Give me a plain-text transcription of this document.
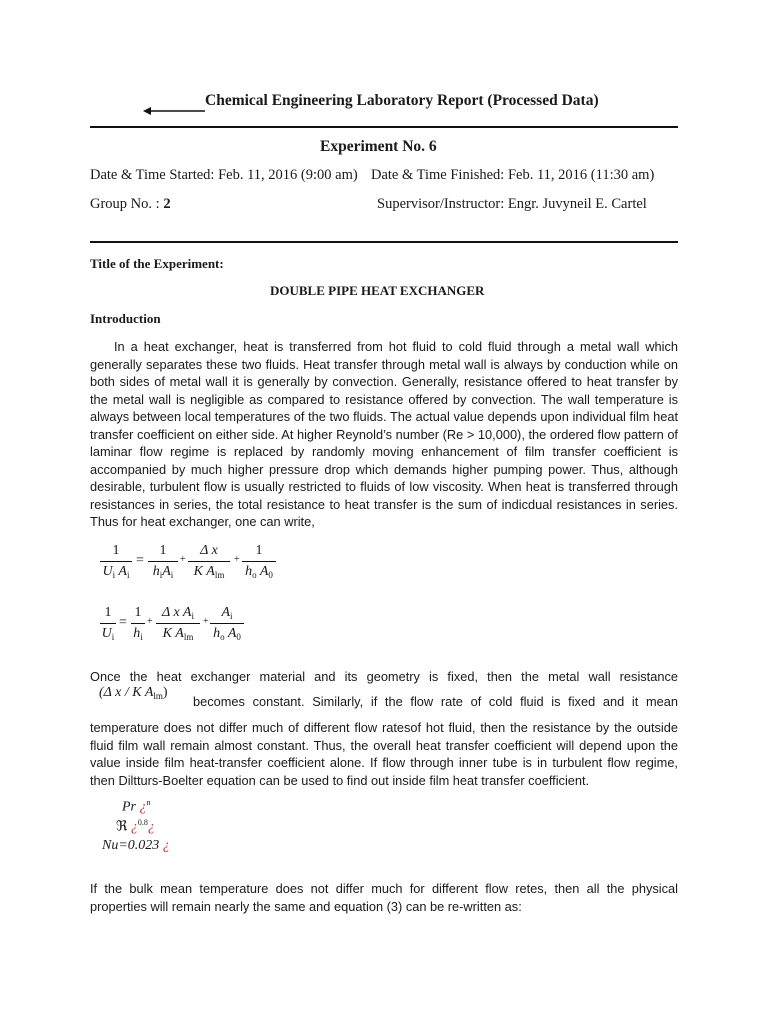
Chemical Engineering Laboratory Report (Processed Data)
Experiment No. 6
Date & Time Started: Feb. 11, 2016 (9:00 am) Date & Time Finished: Feb. 11, 2016 (11:30 am)
Group No. : 2	Supervisor/Instructor: Engr. Juvyneil E. Cartel
Title of the Experiment:
DOUBLE PIPE HEAT EXCHANGER
Introduction
In a heat exchanger, heat is transferred from hot fluid to cold fluid through a metal wall which generally separates these two fluids. Heat transfer through metal wall is always by conduction while on both sides of metal wall it is generally by convection. Generally, resistance offered to heat transfer by the metal wall is negligible as compared to resistance offered by convection. The wall temperature is always between local temperatures of the two fluids. The actual value depends upon individual film heat transfer coefficient on either side. At higher Reynold’s number (Re > 10,000), the ordered flow pattern of laminar flow regime is replaced by randomly moving enhancement of film transfer coefficient is accompanied by much higher pressure drop which demands higher pumping power. Thus, although desirable, turbulent flow is usually restricted to fluids of low viscosity. When heat is transferred through resistances in series, the total resistance to heat transfer is the sum of indicdual resistances in series. Thus for heat exchanger, one can write,
1
$U_i$ $A_i$
=
1
$h_iA_i$
+
Δ x
K $A_{lm}$
+
1
$h_o$ $A_0$
1
$U_i$
=
1
$h_i$
+
Δ x $A_i$
K $A_{lm}$
+
$A_i$
$h_o$ $A_0$
Once the heat exchanger material and its geometry is fixed, then the metal wall resistance
(Δ x / K $A_{lm}$)
becomes constant. Similarly, if the flow rate of cold fluid is fixed and it mean
temperature does not differ much of different flow ratesof hot fluid, then the resistance by the outside fluid film wall remain almost constant. Thus, the overall heat transfer coefficient will depend upon the value inside film heat-transfer coefficient alone. If flow through inner tube is in turbulent flow regime, then Diltturs-Boelter equation can be used to find out inside film heat transfer coefficient.
Pr ¿$^n$
ℜ ¿$^{0.8}$¿
Nu=0.023 ¿
If the bulk mean temperature does not differ much for different flow retes, then all the physical properties will remain nearly the same and equation (3) can be re-written as:
